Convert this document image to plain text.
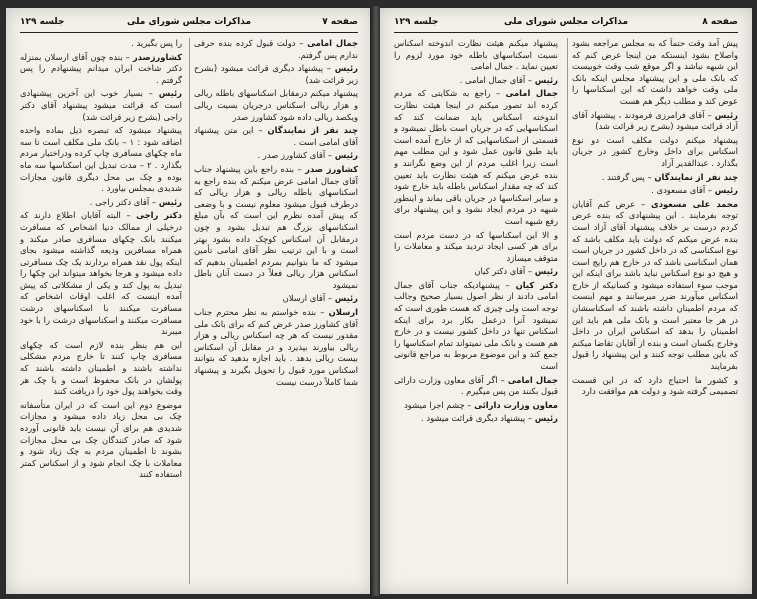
صفحه ۷
مذاکرات مجلس شورای ملی
جلسه ۱۲۹

جمال امامی – دولت قبول کرده بنده حرفی ندارم پس گرفتم.

رئیس – پیشنهاد دیگری قرائت میشود (بشرح زیر قرائت شد)

پیشنهاد میکنم درمقابل اسکناسهای باطله ریالی و هزار ریالی اسکناس درجریان بسیت ریالی ویکصد ریالی داده شود کشاورز صدر

چند نفر از نمایندگان – این متن پیشنهاد آقای امامی است .

رئیس – آقای کشاورز صدر .

کشاورز صدر – بنده راجع باین پیشنهاد جناب آقای جمال امامی عرض میکنم که بنده راجع به اسکناسهای باطله ریالی و هزار ریالی که درطرف قبول میشود معلوم نیست و با وضعی که پیش آمده نظرم این است که بآن مبلغ اسکناسهای بزرگ هم تبدیل بشود و چون درمقابل آن اسکناس کوچک داده بشود بهتر است و با این ترتیب نظر آقای امامی تأمین میشود که ما بتوانیم بمردم اطمینان بدهیم که اسکناس هزار ریالی فعلاً در دست آنان باطل نمیشود

رئیس – آقای ارسلان

ارسلان – بنده خواستم به نظر محترم جناب آقای کشاورز صدر عرض کنم که برای بانک ملی مقدور نیست که هر چه اسکناس ریالی و هزار ریالی بیاورند بپذیرد و در مقابل آن اسکناس بیست ریالی بدهد . باید اجازه بدهید که بتوانند اسکناس مورد قبول را تحویل بگیرند و پیشنهاد شما کاملاً درست نیست

را پس بگیرید .

کشاورزصدر – بنده چون آقای ارسلان بمنزله دکتر شاخت ایران میدانم پیشنهادم را پس گرفتم .

رئیس – بسیار خوب این آخرین پیشنهادی است که قرائت میشود پیشنهاد آقای دکتر راجی (بشرح زیر قرائت شد)

پیشنهاد میشود که تبصره ذیل بماده واحده اضافه شود : ۱ – بانک ملی مکلف است تا سه ماه چکهای مسافری چاپ کرده ودراختیار مردم بگذارد . ۲ – مدت تبدیل این اسکناسها سه ماه بوده و چک بی محل دیگری قانون مجازات شدیدی بمجلس بیاورد .

رئیس – آقای دکتر راجی .

دکتر راجی – البته آقایان اطلاع دارند که درخیلی از ممالک دنیا اشخاص که مسافرت میکنند بانک چکهای مسافری صادر میکند و همراه مسافرین ودیعه گذاشته میشود بجای اینکه پول نقد همراه بردارند یک چک مسافرتی داده میشود و هرجا بخواهد میتواند این چکها را تبدیل به پول کند و یکی از مشکلاتی که پیش آمده اینست که اغلب اوقات اشخاص که مسافرت میکنند با اسکناسهای درشت مسافرت میکنند و اسکناسهای درشت را با خود میبرند

این هم بنظر بنده لازم است که چکهای مسافری چاپ کنند تا خارج مردم مشکلی نداشته باشند و اطمینان داشته باشند که پولشان در بانک محفوظ است و با چک هر وقت بخواهند پول خود را دریافت کنند

موضوع دوم این است که در ایران متأسفانه چک بی محل زیاد داده میشود و مجازات شدیدی هم برای آن نیست باید قانونی آورده شود که صادر کنندگان چک بی محل مجازات بشوند تا اطمینان مردم به چک زیاد شود و معاملات با چک انجام شود و از اسکناس کمتر استفاده کنند

صفحه ۸
مذاکرات مجلس شورای ملی
جلسه ۱۲۹

پیش آمد وقت حتماً که به مجلس مراجعه بشود واصلاح بشود اینستکه من اینجا عرض کنم که این شبهه نباشد و اگر موقع شب وقت خوبیست که بانک ملی و این پیشنهاد مجلس اینکه بانک ملی وقت خواهد داشت که این اسکناسها را عوض کند و مطلب دیگر هم هست

رئیس – آقای فرامرزی فرمودند ، پیشنهاد آقای آزاد قرائت میشود (بشرح زیر قرائت شد)

پیشنهاد میکنم دولت مکلف است دو نوع اسکناس برای داخل وخارج کشور در جریان بگذارد . عبدالقدیر آزاد

چند نفر از نمایندگان – پس گرفتند .

رئیس – آقای مسعودی .

محمد علی مسعودی – عرض کنم آقایان توجه بفرمایند . این پیشنهادی که بنده عرض کردم درست بر خلاف پیشنهاد آقای آزاد است بنده عرض میکنم که دولت باید مکلف باشد که نوع اسکناسی که در داخل کشور در جریان است همان اسکناسی باشد که در خارج هم رایج است و هیچ دو نوع اسکناس نباید باشد برای اینکه این موجب سوء استفاده میشود و کسانیکه از خارج اسکناس میآورند ضرر میرسانند و مهم اینست که مردم اطمینان داشته باشند که اسکناسشان در هر جا معتبر است و بانک ملی هم باید این اطمینان را بدهد که اسکناس ایران در داخل وخارج یکسان است و بنده از آقایان تقاضا میکنم که باین مطلب توجه کنند و این پیشنهاد را قبول بفرمایند

و کشور ما احتیاج دارد که در این قسمت تصمیمی گرفته شود و دولت هم موافقت دارد

پیشنهاد میکنم هیئت نظارت اندوخته اسکناس نسبت اسکناسهای باطله خود مورد لزوم را تعیین نماید . جمال امامی

رئیس – آقای جمال امامی .

جمال امامی – راجع به شکایتی که مردم کرده اند تصور میکنم در اینجا هیئت نظارت اندوخته اسکناس باید ضمانت کند که اسکناسهایی که در جریان است باطل نمیشود و قسمتی از اسکناسهایی که از خارج آمده است باید طبق قانون عمل شود و این مطلب مهم است زیرا اغلب مردم از این وضع نگرانند و بنده عرض میکنم که هیئت نظارت باید تعیین کند که چه مقدار اسکناس باطله باید خارج شود و سایر اسکناسها در جریان باقی بماند و اینطور شبهه در مردم ایجاد نشود و این پیشنهاد برای رفع شبهه است

و الا این اسکناسها که در دست مردم است برای هر کسی ایجاد تردید میکند و معاملات را متوقف میسازد

رئیس – آقای دکتر کیان

دکتر کیان – پیشنهادیکه جناب آقای جمال امامی دادند از نظر اصول بسیار صحیح وجالب توجه است ولی چیزی که هست طوری است که نمیشود آنرا درعمل بکار برد برای اینکه اسکناس تنها در داخل کشور نیست و در خارج هم هست و بانک ملی نمیتواند تمام اسکناسها را جمع کند و این موضوع مربوط به مراجع قانونی است

جمال امامی – اگر آقای معاون وزارت دارائی قبول بکنند من پس میگیرم .

معاون وزارت دارائی – چشم اجرا میشود

رئیس – پیشنهاد دیگری قرائت میشود .
